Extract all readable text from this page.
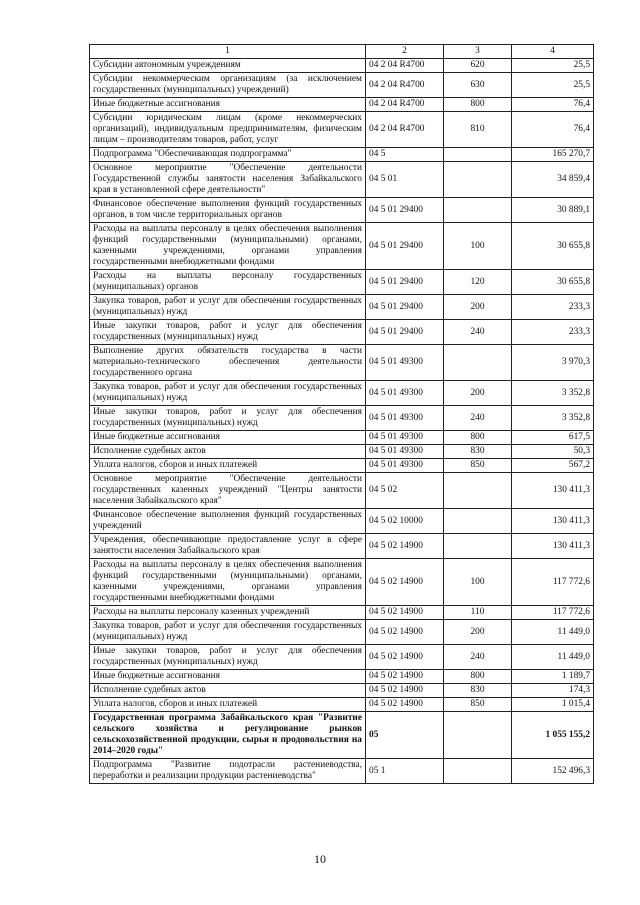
1	2	3	4
Субсидии автономным учреждениям	04 2 04 R4700	620	25,5
Субсидии некоммерческим организациям (за исключением государственных (муниципальных) учреждений)	04 2 04 R4700	630	25,5
Иные бюджетные ассигнования	04 2 04 R4700	800	76,4
Субсидии юридическим лицам (кроме некоммерческих организаций), индивидуальным предпринимателям, физическим лицам – производителям товаров, работ, услуг	04 2 04 R4700	810	76,4
Подпрограмма "Обеспечивающая подпрограмма"	04 5		165 270,7
Основное мероприятие "Обеспечение деятельности Государственной службы занятости населения Забайкальского края в установленной сфере деятельности"	04 5 01		34 859,4
Финансовое обеспечение выполнения функций государственных органов, в том числе территориальных органов	04 5 01 29400		30 889,1
Расходы на выплаты персоналу в целях обеспечения выполнения функций государственными (муниципальными) органами, казенными учреждениями, органами управления государственными внебюджетными фондами	04 5 01 29400	100	30 655,8
Расходы на выплаты персоналу государственных (муниципальных) органов	04 5 01 29400	120	30 655,8
Закупка товаров, работ и услуг для обеспечения государственных (муниципальных) нужд	04 5 01 29400	200	233,3
Иные закупки товаров, работ и услуг для обеспечения государственных (муниципальных) нужд	04 5 01 29400	240	233,3
Выполнение других обязательств государства в части материально-технического обеспечения деятельности государственного органа	04 5 01 49300		3 970,3
Закупка товаров, работ и услуг для обеспечения государственных (муниципальных) нужд	04 5 01 49300	200	3 352,8
Иные закупки товаров, работ и услуг для обеспечения государственных (муниципальных) нужд	04 5 01 49300	240	3 352,8
Иные бюджетные ассигнования	04 5 01 49300	800	617,5
Исполнение судебных актов	04 5 01 49300	830	50,3
Уплата налогов, сборов и иных платежей	04 5 01 49300	850	567,2
Основное мероприятие "Обеспечение деятельности государственных казенных учреждений "Центры занятости населения Забайкальского края"	04 5 02		130 411,3
Финансовое обеспечение выполнения функций государственных учреждений	04 5 02 10000		130 411,3
Учреждения, обеспечивающие предоставление услуг в сфере занятости населения Забайкальского края	04 5 02 14900		130 411,3
Расходы на выплаты персоналу в целях обеспечения выполнения функций государственными (муниципальными) органами, казенными учреждениями, органами управления государственными внебюджетными фондами	04 5 02 14900	100	117 772,6
Расходы на выплаты персоналу казенных учреждений	04 5 02 14900	110	117 772,6
Закупка товаров, работ и услуг для обеспечения государственных (муниципальных) нужд	04 5 02 14900	200	11 449,0
Иные закупки товаров, работ и услуг для обеспечения государственных (муниципальных) нужд	04 5 02 14900	240	11 449,0
Иные бюджетные ассигнования	04 5 02 14900	800	1 189,7
Исполнение судебных актов	04 5 02 14900	830	174,3
Уплата налогов, сборов и иных платежей	04 5 02 14900	850	1 015,4
Государственная программа Забайкальского края "Развитие сельского хозяйства и регулирование рынков сельскохозяйственной продукции, сырья и продовольствия на 2014–2020 годы"	05		1 055 155,2
Подпрограмма "Развитие подотрасли растениеводства, переработки и реализации продукции растениеводства"	05 1		152 496,3
10
